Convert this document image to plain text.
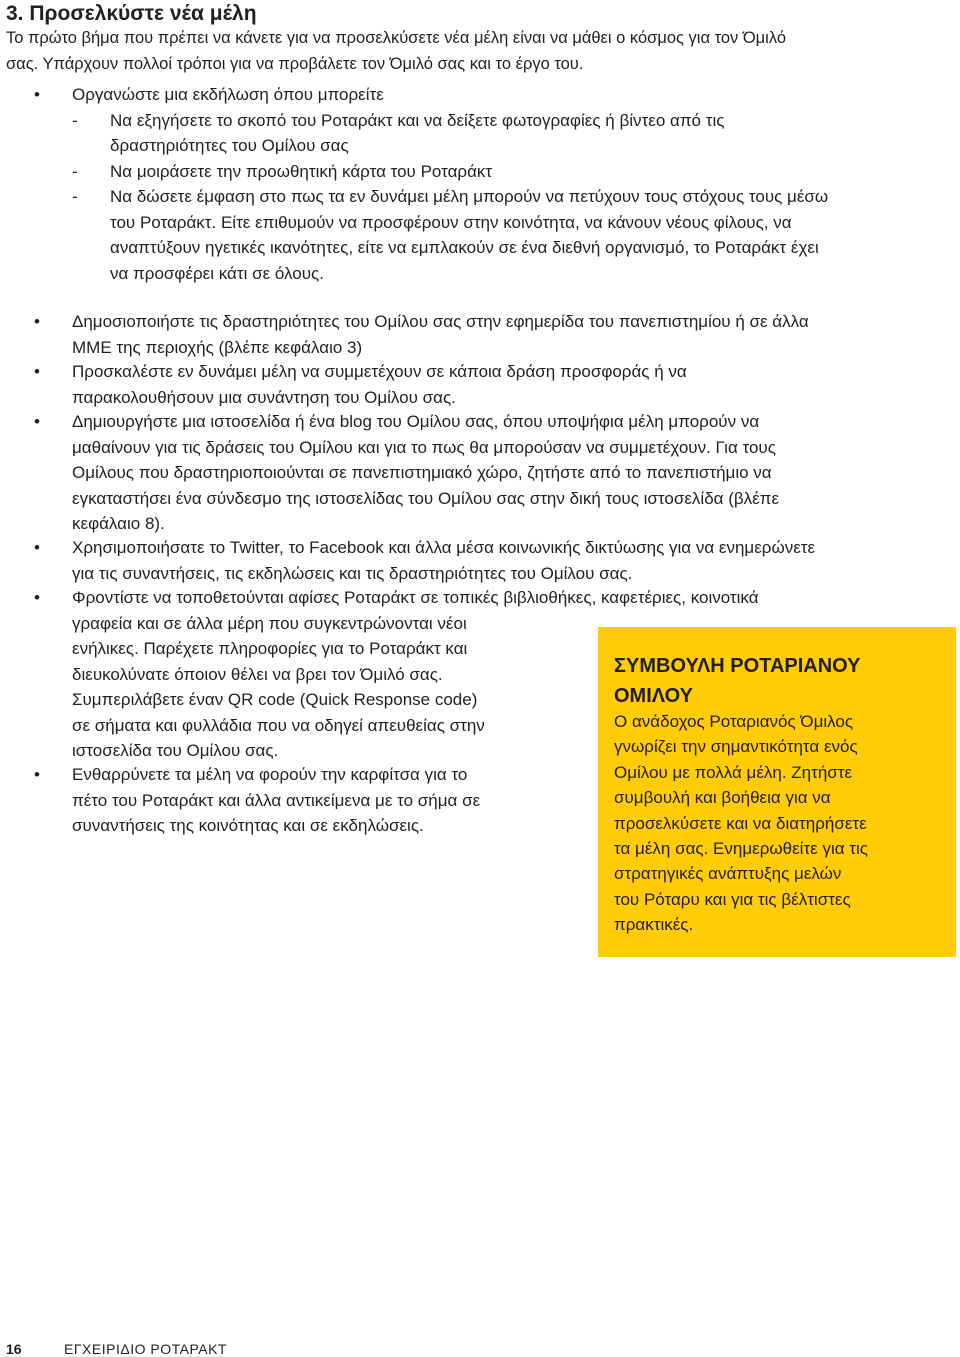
3. Προσελκύστε νέα μέλη
Το πρώτο βήμα που πρέπει να κάνετε για να προσελκύσετε νέα μέλη είναι να μάθει ο κόσμος για τον Όμιλό
σας. Υπάρχουν πολλοί τρόποι για να προβάλετε τον Όμιλό σας και το έργο του.
• Οργανώστε μια εκδήλωση όπου μπορείτε
- Να εξηγήσετε το σκοπό του Ροταράκτ και να δείξετε φωτογραφίες ή βίντεο από τις
δραστηριότητες του Ομίλου σας
- Να μοιράσετε την προωθητική κάρτα του Ροταράκτ
- Να δώσετε έμφαση στο πως τα εν δυνάμει μέλη μπορούν να πετύχουν τους στόχους τους μέσω
του Ροταράκτ. Είτε επιθυμούν να προσφέρουν στην κοινότητα, να κάνουν νέους φίλους, να
αναπτύξουν ηγετικές ικανότητες, είτε να εμπλακούν σε ένα διεθνή οργανισμό, το Ροταράκτ έχει
να προσφέρει κάτι σε όλους.
• Δημοσιοποιήστε τις δραστηριότητες του Ομίλου σας στην εφημερίδα του πανεπιστημίου ή σε άλλα
ΜΜΕ της περιοχής (βλέπε κεφάλαιο 3)
• Προσκαλέστε εν δυνάμει μέλη να συμμετέχουν σε κάποια δράση προσφοράς ή να
παρακολουθήσουν μια συνάντηση του Ομίλου σας.
• Δημιουργήστε μια ιστοσελίδα ή ένα blog του Ομίλου σας, όπου υποψήφια μέλη μπορούν να
μαθαίνουν για τις δράσεις του Ομίλου και για το πως θα μπορούσαν να συμμετέχουν. Για τους
Ομίλους που δραστηριοποιούνται σε πανεπιστημιακό χώρο, ζητήστε από το πανεπιστήμιο να
εγκαταστήσει ένα σύνδεσμο της ιστοσελίδας του Ομίλου σας στην δική τους ιστοσελίδα (βλέπε
κεφάλαιο 8).
• Χρησιμοποιήσατε το Twitter, το Facebook και άλλα μέσα κοινωνικής δικτύωσης για να ενημερώνετε
για τις συναντήσεις, τις εκδηλώσεις και τις δραστηριότητες του Ομίλου σας.
• Φροντίστε να τοποθετούνται αφίσες Ροταράκτ σε τοπικές βιβλιοθήκες, καφετέριες, κοινοτικά
γραφεία και σε άλλα μέρη που συγκεντρώνονται νέοι
ενήλικες. Παρέχετε πληροφορίες για το Ροταράκτ και
διευκολύνατε όποιον θέλει να βρει τον Όμιλό σας.
Συμπεριλάβετε έναν QR code (Quick Response code)
σε σήματα και φυλλάδια που να οδηγεί απευθείας στην
ιστοσελίδα του Ομίλου σας.
• Ενθαρρύνετε τα μέλη να φορούν την καρφίτσα για το
πέτο του Ροταράκτ και άλλα αντικείμενα με το σήμα σε
συναντήσεις της κοινότητας και σε εκδηλώσεις.
ΣΥΜΒΟΥΛΗ ΡΟΤΑΡΙΑΝΟΥ
ΟΜΙΛΟΥ
Ο ανάδοχος Ροταριανός Όμιλος
γνωρίζει την σημαντικότητα ενός
Ομίλου με πολλά μέλη. Ζητήστε
συμβουλή και βοήθεια για να
προσελκύσετε και να διατηρήσετε
τα μέλη σας. Ενημερωθείτε για τις
στρατηγικές ανάπτυξης μελών
του Ρόταρυ και για τις βέλτιστες
πρακτικές.
16	ΕΓΧΕΙΡΙΔΙΟ ΡΟΤΑΡΑΚΤ
